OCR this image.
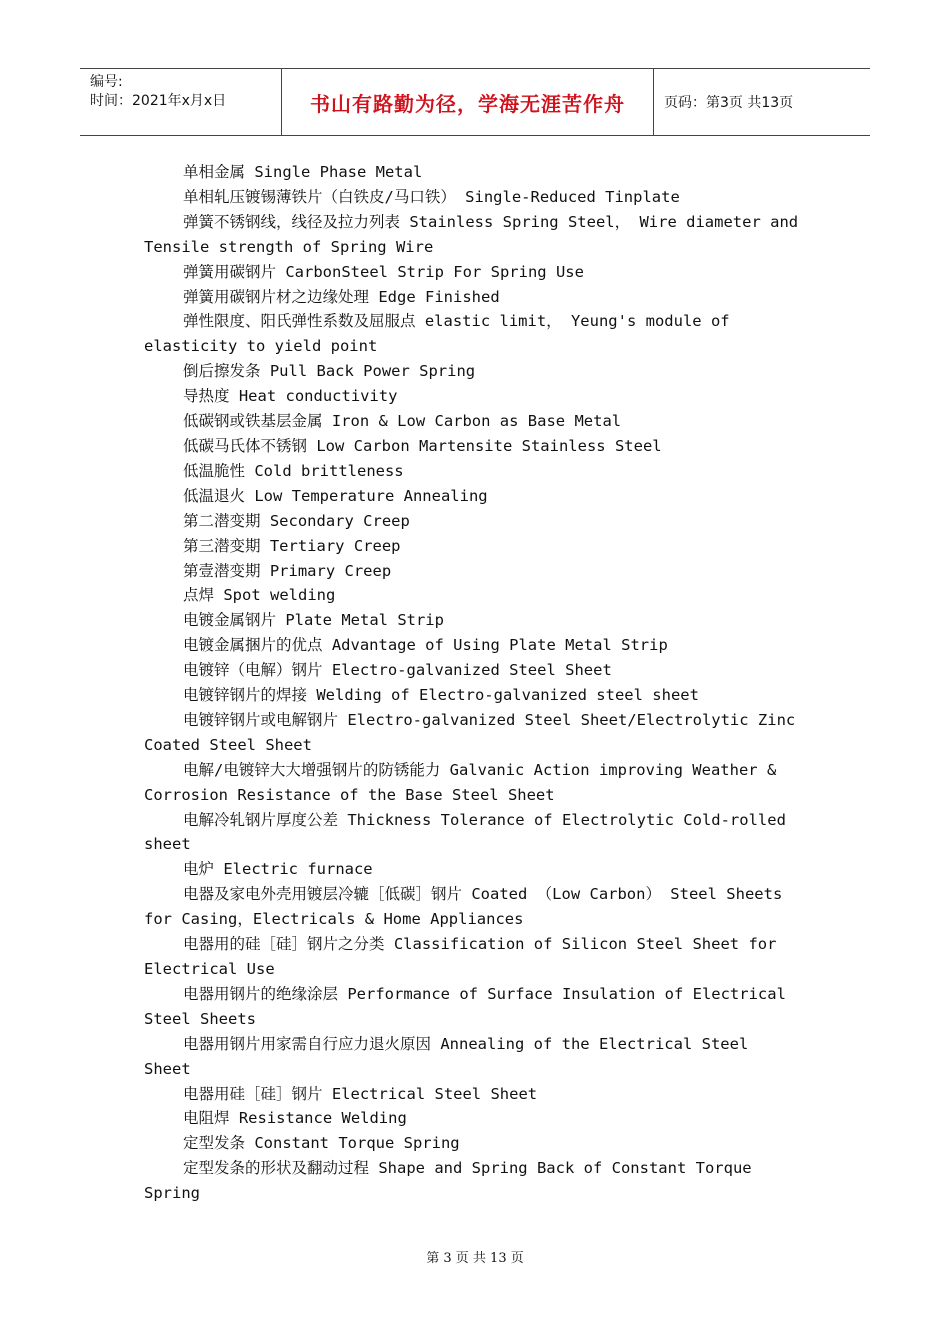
编号:
时间：2021年x月x日	书山有路勤为径，学海无涯苦作舟	页码：第3页 共13页
单相金属 Single Phase Metal
单相轧压镀锡薄铁片（白铁皮/马口铁） Single-Reduced Tinplate
弹簧不锈钢线，线径及拉力列表 Stainless Spring Steel， Wire diameter and Tensile strength of Spring Wire
弹簧用碳钢片 CarbonSteel Strip For Spring Use
弹簧用碳钢片材之边缘处理 Edge Finished
弹性限度、阳氏弹性系数及屈服点 elastic limit， Yeung's module of elasticity to yield point
倒后擦发条 Pull Back Power Spring
导热度 Heat conductivity
低碳钢或铁基层金属 Iron & Low Carbon as Base Metal
低碳马氏体不锈钢 Low Carbon Martensite Stainless Steel
低温脆性 Cold brittleness
低温退火 Low Temperature Annealing
第二潜变期 Secondary Creep
第三潜变期 Tertiary Creep
第壹潜变期 Primary Creep
点焊 Spot welding
电镀金属钢片 Plate Metal Strip
电镀金属捆片的优点 Advantage of Using Plate Metal Strip
电镀锌（电解）钢片 Electro-galvanized Steel Sheet
电镀锌钢片的焊接 Welding of Electro-galvanized steel sheet
电镀锌钢片或电解钢片 Electro-galvanized Steel Sheet/Electrolytic Zinc Coated Steel Sheet
电解/电镀锌大大增强钢片的防锈能力 Galvanic Action improving Weather & Corrosion Resistance of the Base Steel Sheet
电解冷轧钢片厚度公差 Thickness Tolerance of Electrolytic Cold-rolled sheet
电炉 Electric furnace
电器及家电外壳用镀层冷辘［低碳］钢片 Coated （Low Carbon） Steel Sheets for Casing，Electricals & Home Appliances
电器用的硅［硅］钢片之分类 Classification of Silicon Steel Sheet for Electrical Use
电器用钢片的绝缘涂层 Performance of Surface Insulation of Electrical Steel Sheets
电器用钢片用家需自行应力退火原因 Annealing of the Electrical Steel Sheet
电器用硅［硅］钢片 Electrical Steel Sheet
电阻焊 Resistance Welding
定型发条 Constant Torque Spring
定型发条的形状及翻动过程 Shape and Spring Back of Constant Torque Spring
第 3 页 共 13 页
